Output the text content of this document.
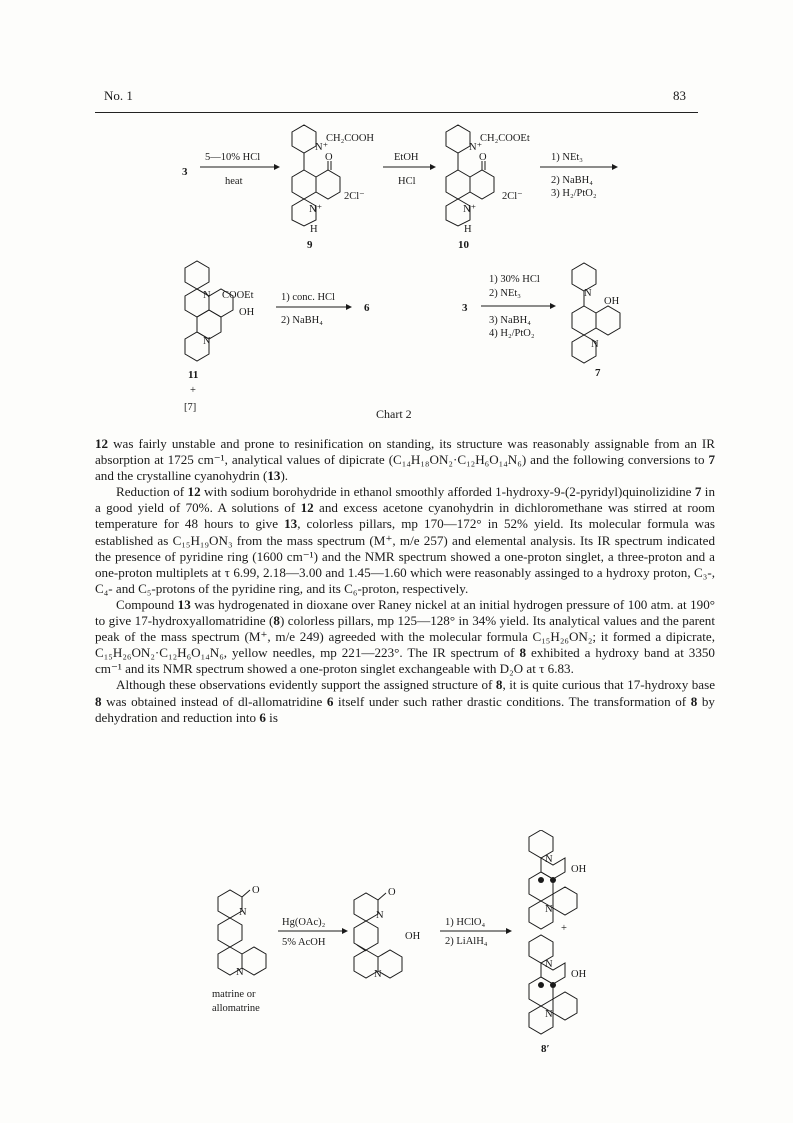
No. 1	83
3
5—10% HCl
heat
N⁺
CH₂COOH
O
2Cl⁻
N⁺
H
9
EtOH
HCl
N⁺
CH₂COOEt
O
2Cl⁻
N⁺
H
10
1) NEt₃
2) NaBH₄
3) H₂/PtO₂
N COOEt
OH
N
11
+
[7]
1) conc. HCl
2) NaBH₄
6
1) 30% HCl
2) NEt₃
3
3) NaBH₄
4) H₂/PtO₂
N
OH
N
7
Chart 2

12 was fairly unstable and prone to resinification on standing, its structure was reasonably assignable from an IR absorption at 1725 cm⁻¹, analytical values of dipicrate (C₁₄H₁₈ON₂·C₁₂H₆O₁₄N₆) and the following conversions to 7 and the crystalline cyanohydrin (13).

Reduction of 12 with sodium borohydride in ethanol smoothly afforded 1-hydroxy-9-(2-pyridyl)quinolizidine 7 in a good yield of 70%. A solutions of 12 and excess acetone cyanohydrin in dichloromethane was stirred at room temperature for 48 hours to give 13, colorless pillars, mp 170—172° in 52% yield. Its molecular formula was established as C₁₅H₁₉ON₃ from the mass spectrum (M⁺, m/e 257) and elemental analysis. Its IR spectrum indicated the presence of pyridine ring (1600 cm⁻¹) and the NMR spectrum showed a one-proton singlet, a three-proton and a one-proton multiplets at τ 6.99, 2.18—3.00 and 1.45—1.60 which were reasonably assinged to a hydroxy proton, C₃-, C₄- and C₅-protons of the pyridine ring, and its C₆-proton, respectively.

Compound 13 was hydrogenated in dioxane over Raney nickel at an initial hydrogen pressure of 100 atm. at 190° to give 17-hydroxyallomatridine (8) colorless pillars, mp 125—128° in 34% yield. Its analytical values and the parent peak of the mass spectrum (M⁺, m/e 249) agreeded with the molecular formula C₁₅H₂₆ON₂; it formed a dipicrate, C₁₅H₂₆ON₂·C₁₂H₆O₁₄N₆, yellow needles, mp 221—223°. The IR spectrum of 8 exhibited a hydroxy band at 3350 cm⁻¹ and its NMR spectrum showed a one-proton singlet exchangeable with D₂O at τ 6.83.

Although these observations evidently support the assigned structure of 8, it is quite curious that 17-hydroxy base 8 was obtained instead of dl-allomatridine 6 itself under such rather drastic conditions. The transformation of 8 by dehydration and reduction into 6 is

O
N
N
matrine or
allomatrine
Hg(OAc)₂
5% AcOH
O
N
OH
N
1) HClO₄
2) LiAlH₄
N
OH
N
+
N
OH
N
8′
